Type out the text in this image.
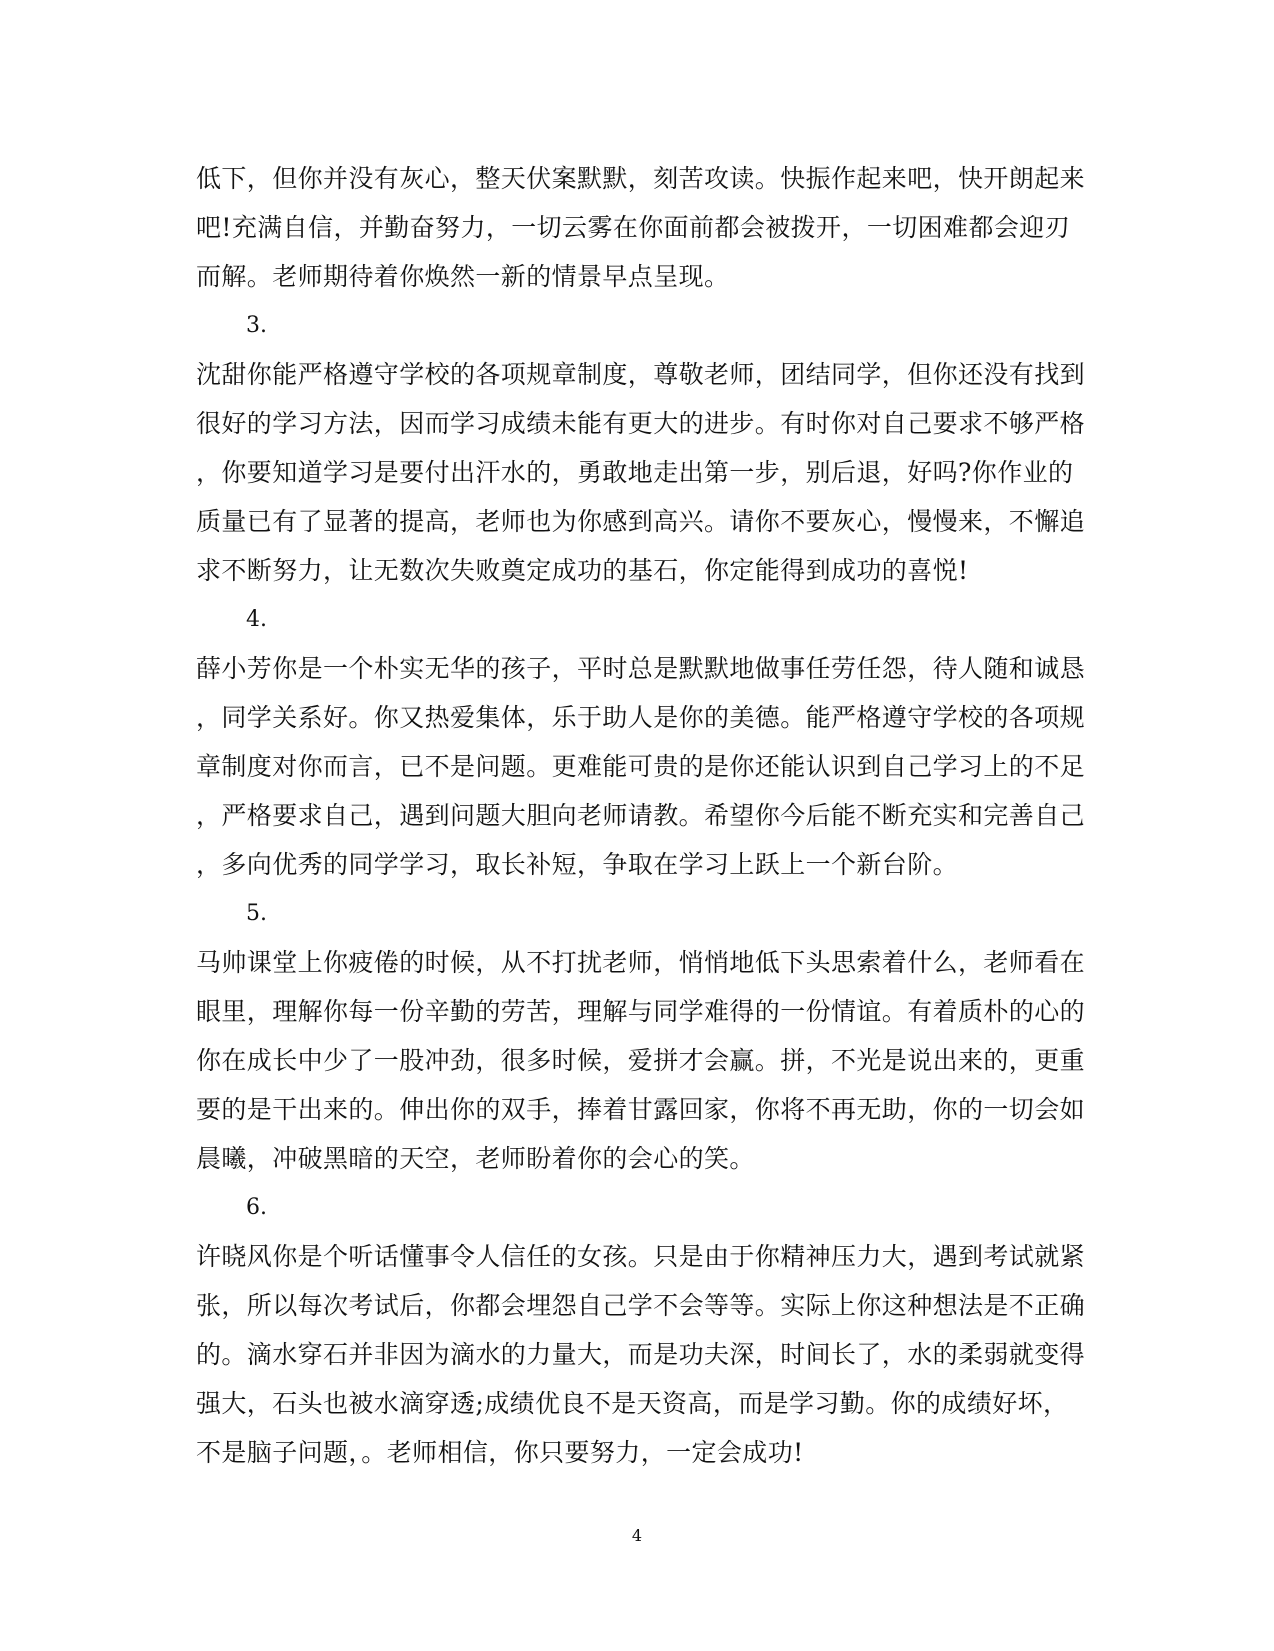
低下，但你并没有灰心，整天伏案默默，刻苦攻读。快振作起来吧，快开朗起来
吧!充满自信，并勤奋努力，一切云雾在你面前都会被拨开，一切困难都会迎刃
而解。老师期待着你焕然一新的情景早点呈现。
3.
沈甜你能严格遵守学校的各项规章制度，尊敬老师，团结同学，但你还没有找到
很好的学习方法，因而学习成绩未能有更大的进步。有时你对自己要求不够严格
，你要知道学习是要付出汗水的，勇敢地走出第一步，别后退，好吗?你作业的
质量已有了显著的提高，老师也为你感到高兴。请你不要灰心，慢慢来，不懈追
求不断努力，让无数次失败奠定成功的基石，你定能得到成功的喜悦!
4.
薛小芳你是一个朴实无华的孩子，平时总是默默地做事任劳任怨，待人随和诚恳
，同学关系好。你又热爱集体，乐于助人是你的美德。能严格遵守学校的各项规
章制度对你而言，已不是问题。更难能可贵的是你还能认识到自己学习上的不足
，严格要求自己，遇到问题大胆向老师请教。希望你今后能不断充实和完善自己
，多向优秀的同学学习，取长补短，争取在学习上跃上一个新台阶。
5.
马帅课堂上你疲倦的时候，从不打扰老师，悄悄地低下头思索着什么，老师看在
眼里，理解你每一份辛勤的劳苦，理解与同学难得的一份情谊。有着质朴的心的
你在成长中少了一股冲劲，很多时候，爱拼才会赢。拼，不光是说出来的，更重
要的是干出来的。伸出你的双手，捧着甘露回家，你将不再无助，你的一切会如
晨曦，冲破黑暗的天空，老师盼着你的会心的笑。
6.
许晓风你是个听话懂事令人信任的女孩。只是由于你精神压力大，遇到考试就紧
张，所以每次考试后，你都会埋怨自己学不会等等。实际上你这种想法是不正确
的。滴水穿石并非因为滴水的力量大，而是功夫深，时间长了，水的柔弱就变得
强大，石头也被水滴穿透;成绩优良不是天资高，而是学习勤。你的成绩好坏，
不是脑子问题，。老师相信，你只要努力，一定会成功!
4
